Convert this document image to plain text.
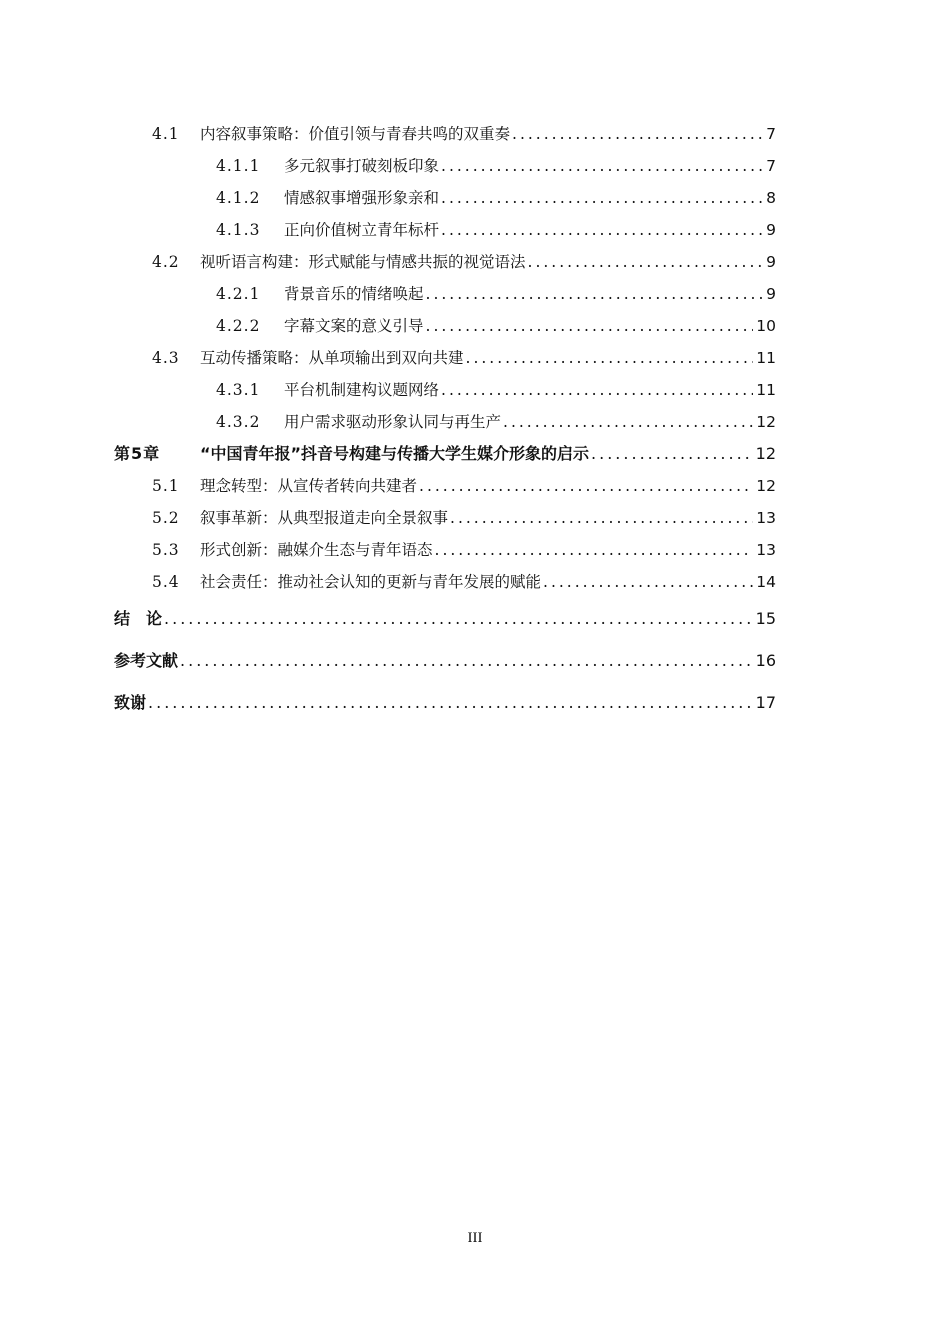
4.1	内容叙事策略：价值引领与青春共鸣的双重奏 .....	7
4.1.1	多元叙事打破刻板印象 .....	7
4.1.2	情感叙事增强形象亲和 .....	8
4.1.3	正向价值树立青年标杆 .....	9
4.2	视听语言构建：形式赋能与情感共振的视觉语法 .....	9
4.2.1	背景音乐的情绪唤起 .....	9
4.2.2	字幕文案的意义引导 .....	10
4.3	互动传播策略：从单项输出到双向共建 .....	11
4.3.1	平台机制建构议题网络 .....	11
4.3.2	用户需求驱动形象认同与再生产 .....	12
第5章	“中国青年报”抖音号构建与传播大学生媒介形象的启示 .....	12
5.1	理念转型：从宣传者转向共建者 .....	12
5.2	叙事革新：从典型报道走向全景叙事 .....	13
5.3	形式创新：融媒介生态与青年语态 .....	13
5.4	社会责任：推动社会认知的更新与青年发展的赋能 .....	14
结　论 .....	15
参考文献 .....	16
致谢 .....	17
III
